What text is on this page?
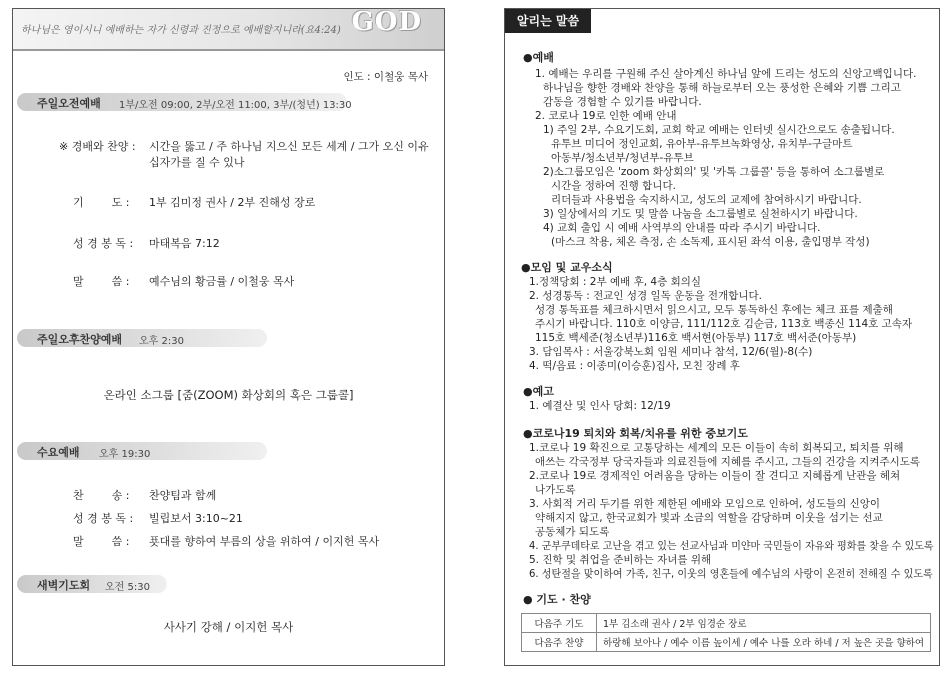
하나님은 영이시니 예배하는 자가 신령과 진정으로 예배할지니라(요4:24) GOD
인도 : 이철웅 목사
주일오전예배 1부/오전 09:00, 2부/오전 11:00, 3부/(청년) 13:30
※ 경배와 찬양 : 시간을 뚫고 / 주 하나님 지으신 모든 세계 / 그가 오신 이유
십자가를 질 수 있나
기        도 : 1부 김미정 권사 / 2부 진해성 장로
성 경 봉 독 : 마태복음 7:12
말        씀 : 예수님의 황금률 / 이철웅 목사
주일오후찬양예배 오후 2:30
온라인 소그룹 [줌(ZOOM) 화상회의 혹은 그룹콜]
수요예배 오후 19:30
찬        송 : 찬양팀과 함께
성 경 봉 독 : 빌립보서 3:10~21
말        씀 : 푯대를 향하여 부름의 상을 위하여 / 이지헌 목사
새벽기도회 오전 5:30
사사기 강해 / 이지헌 목사
알리는 말씀
●예배
1. 예배는 우리를 구원해 주신 살아계신 하나님 앞에 드리는 성도의 신앙고백입니다.
하나님을 향한 경배와 찬양을 통해 하늘로부터 오는 풍성한 은혜와 기쁨 그리고
감동을 경험할 수 있기를 바랍니다.
2. 코로나 19로 인한 예배 안내
1) 주일 2부, 수요기도회, 교회 학교 예배는 인터넷 실시간으로도 송출됩니다.
유투브 미디어 정인교회, 유아부-유투브녹화영상, 유치부-구글마트
아동부/청소년부/청년부-유투브
2)소그룹모임은 'zoom 화상회의' 및 '카톡 그룹콜' 등을 통하여 소그룹별로
시간을 정하여 진행 합니다.
리더들과 사용법을 숙지하시고, 성도의 교제에 참여하시기 바랍니다.
3) 일상에서의 기도 및 말씀 나눔을 소그룹별로 실천하시기 바랍니다.
4) 교회 출입 시 예배 사역부의 안내를 따라 주시기 바랍니다.
(마스크 착용, 체온 측정, 손 소독제, 표시된 좌석 이용, 출입명부 작성)
●모임 및 교우소식
1.정책당회 : 2부 예배 후, 4층 회의실
2. 성경통독 : 전교인 성경 일독 운동을 전개합니다.
성경 통독표를 체크하시면서 읽으시고, 모두 통독하신 후에는 체크 표를 제출해
주시기 바랍니다. 110호 이양금, 111/112호 김순금, 113호 백종신 114호 고속자
115호 백세준(청소년부)116호 백서현(아동부) 117호 백서준(아동부)
3. 담임목사 : 서울강북노회 임원 세미나 참석, 12/6(월)-8(수)
4. 떡/음료 : 이종미(이승훈)집사, 모친 장례 후
●예고
1. 예결산 및 인사 당회: 12/19
●코로나19 퇴치와 회복/치유를 위한 중보기도
1.코로나 19 확진으로 고통당하는 세계의 모든 이들이 속히 회복되고, 퇴치를 위해
애쓰는 각국정부 당국자들과 의료진들에 지혜를 주시고, 그들의 건강을 지켜주시도록
2.코로나 19로 경제적인 어려움을 당하는 이들이 잘 견디고 지혜롭게 난관을 헤쳐
나가도록
3. 사회적 거리 두기를 위한 제한된 예배와 모임으로 인하여, 성도들의 신앙이
약해지지 않고, 한국교회가 빛과 소금의 역할을 감당하며 이웃을 섬기는 선교
공동체가 되도록
4. 군부쿠데타로 고난을 겪고 있는 선교사님과 미얀마 국민들이 자유와 평화를 찾을 수 있도록
5. 진학 및 취업을 준비하는 자녀를 위해
6. 성탄절을 맞이하여 가족, 친구, 이웃의 영혼들에 예수님의 사랑이 온전히 전해질 수 있도록
● 기도 · 찬양
다음주 기도	1부 김소래 권사 / 2부 임경순 장로
다음주 찬양	하랑해 보아나 / 예수 이름 높이세 / 예수 나를 오라 하네 / 저 높은 곳을 향하여
